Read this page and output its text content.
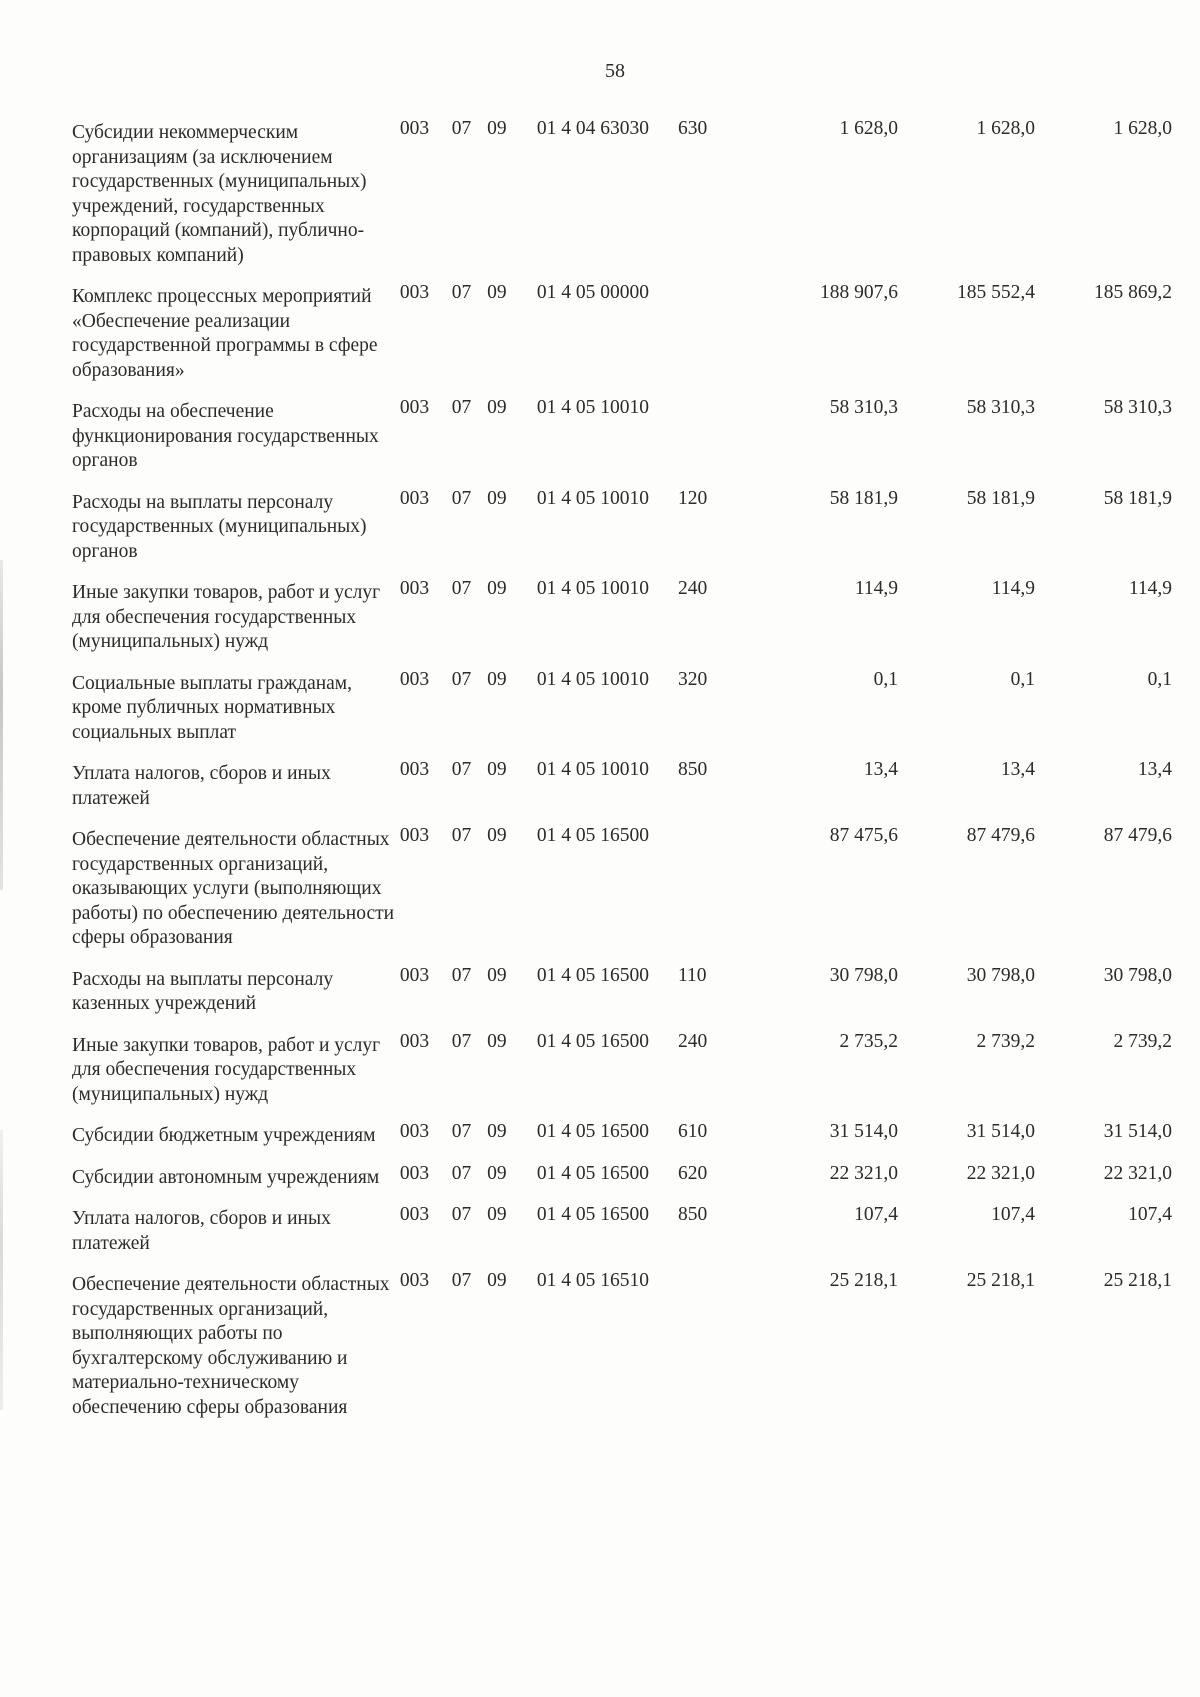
58
Субсидии некоммерческим организациям (за исключением государственных (муниципальных) учреждений, государственных корпораций (компаний), публично-правовых компаний)	003	07	09	01 4 04 63030	630	1 628,0	1 628,0	1 628,0

Комплекс процессных мероприятий «Обеспечение реализации государственной программы в сфере образования»	003	07	09	01 4 05 00000		188 907,6	185 552,4	185 869,2

Расходы на обеспечение функционирования государственных органов	003	07	09	01 4 05 10010		58 310,3	58 310,3	58 310,3

Расходы на выплаты персоналу государственных (муниципальных) органов	003	07	09	01 4 05 10010	120	58 181,9	58 181,9	58 181,9

Иные закупки товаров, работ и услуг для обеспечения государственных (муниципальных) нужд	003	07	09	01 4 05 10010	240	114,9	114,9	114,9

Социальные выплаты гражданам, кроме публичных нормативных социальных выплат	003	07	09	01 4 05 10010	320	0,1	0,1	0,1

Уплата налогов, сборов и иных платежей	003	07	09	01 4 05 10010	850	13,4	13,4	13,4

Обеспечение деятельности областных государственных организаций, оказывающих услуги (выполняющих работы) по обеспечению деятельности сферы образования	003	07	09	01 4 05 16500		87 475,6	87 479,6	87 479,6

Расходы на выплаты персоналу казенных учреждений	003	07	09	01 4 05 16500	110	30 798,0	30 798,0	30 798,0

Иные закупки товаров, работ и услуг для обеспечения государственных (муниципальных) нужд	003	07	09	01 4 05 16500	240	2 735,2	2 739,2	2 739,2

Субсидии бюджетным учреждениям	003	07	09	01 4 05 16500	610	31 514,0	31 514,0	31 514,0

Субсидии автономным учреждениям	003	07	09	01 4 05 16500	620	22 321,0	22 321,0	22 321,0

Уплата налогов, сборов и иных платежей	003	07	09	01 4 05 16500	850	107,4	107,4	107,4

Обеспечение деятельности областных государственных организаций, выполняющих работы по бухгалтерскому обслуживанию и материально-техническому обеспечению сферы образования	003	07	09	01 4 05 16510		25 218,1	25 218,1	25 218,1
